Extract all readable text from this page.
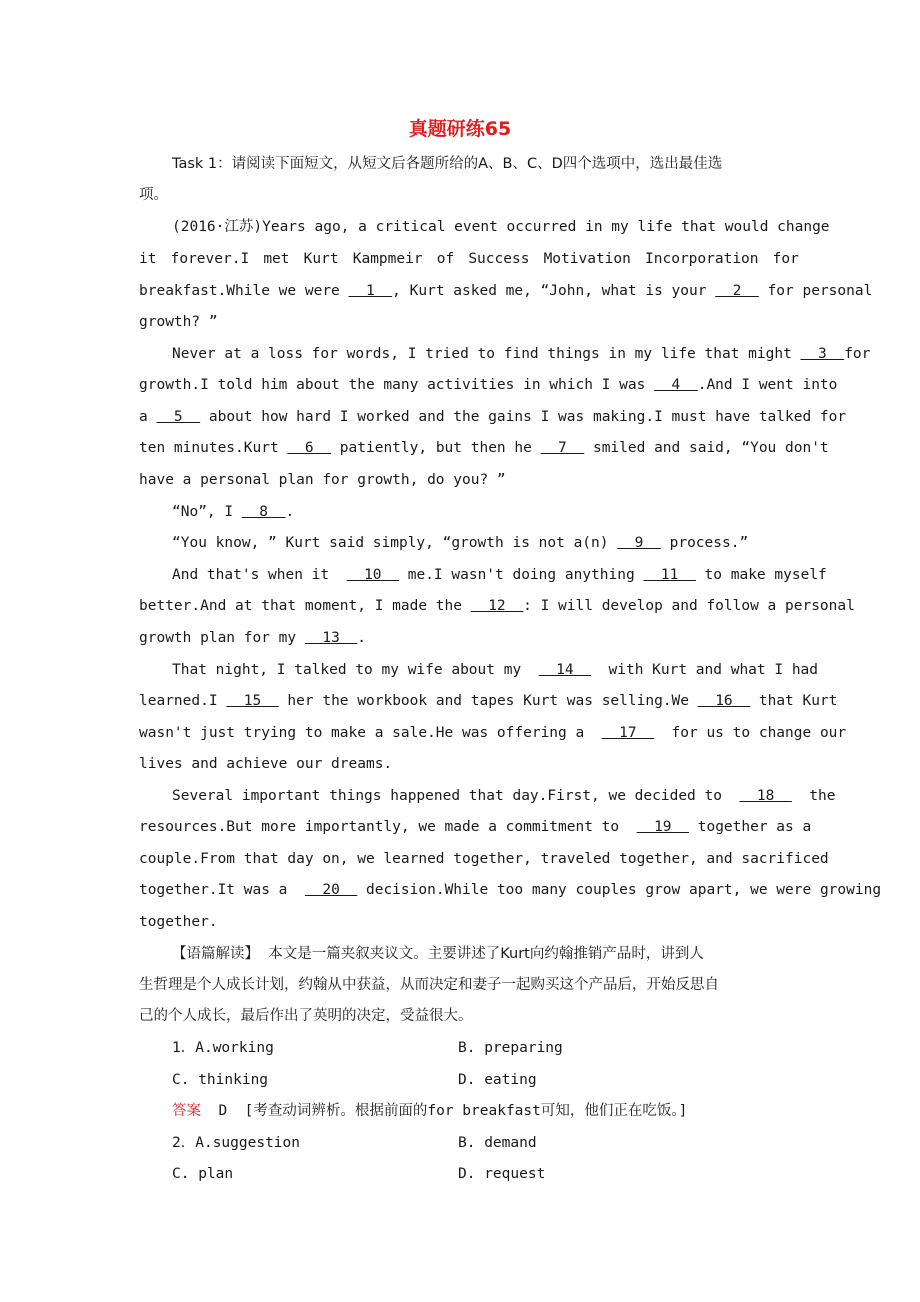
真题研练65
Task 1：请阅读下面短文，从短文后各题所给的A、B、C、D四个选项中，选出最佳选
项。
(2016·江苏)Years ago, a critical event occurred in my life that would change
it forever.I met Kurt Kampmeir of Success Motivation Incorporation for
breakfast.While we were   1  , Kurt asked me, “John, what is your   2   for personal
growth? ”
Never at a loss for words, I tried to find things in my life that might   3  for
growth.I told him about the many activities in which I was   4  .And I went into
a   5   about how hard I worked and the gains I was making.I must have talked for
ten minutes.Kurt   6   patiently, but then he   7   smiled and said, “You don't
have a personal plan for growth, do you? ”
“No”, I   8  .
“You know, ” Kurt said simply, “growth is not a(n)   9   process.”
And that's when it    10   me.I wasn't doing anything   11   to make myself
better.And at that moment, I made the   12  : I will develop and follow a personal
growth plan for my   13  .
That night, I talked to my wife about my    14    with Kurt and what I had
learned.I   15   her the workbook and tapes Kurt was selling.We   16   that Kurt
wasn't just trying to make a sale.He was offering a    17    for us to change our
lives and achieve our dreams.
Several important things happened that day.First, we decided to    18    the
resources.But more importantly, we made a commitment to    19   together as a
couple.From that day on, we learned together, traveled together, and sacrificed
together.It was a    20   decision.While too many couples grow apart, we were growing
together.
【语篇解读】  本文是一篇夹叙夹议文。主要讲述了Kurt向约翰推销产品时，讲到人
生哲理是个人成长计划，约翰从中获益，从而决定和妻子一起购买这个产品后，开始反思自
己的个人成长，最后作出了英明的决定，受益很大。
1．A.working	B. preparing
C. thinking	D. eating
答案  D  [考查动词辨析。根据前面的for breakfast可知，他们正在吃饭。]
2．A.suggestion	B. demand
C. plan	D. request
